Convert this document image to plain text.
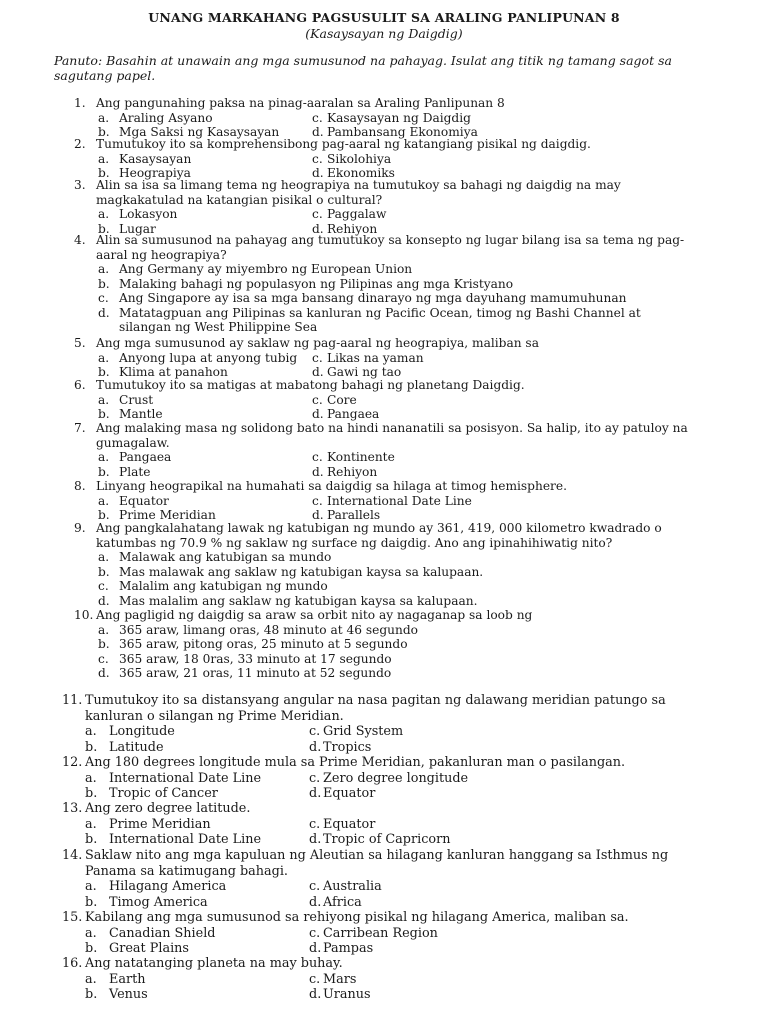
UNANG MARKAHANG PAGSUSULIT SA ARALING PANLIPUNAN 8
(Kasaysayan ng Daigdig)
Panuto: Basahin at unawain ang mga sumusunod na pahayag. Isulat ang titik ng tamang sagot sa sagutang papel.
1. Ang pangunahing paksa na pinag-aaralan sa Araling Panlipunan 8
a. Araling Asyano	c. Kasaysayan ng Daigdig
b. Mga Saksi ng Kasaysayan	d. Pambansang Ekonomiya
2. Tumutukoy ito sa komprehensibong pag-aaral ng katangiang pisikal ng daigdig.
a. Kasaysayan	c. Sikolohiya
b. Heograpiya	d. Ekonomiks
3. Alin sa isa sa limang tema ng heograpiya na tumutukoy sa bahagi ng daigdig na may magkakatulad na katangian pisikal o cultural?
a. Lokasyon	c. Paggalaw
b. Lugar	d. Rehiyon
4. Alin sa sumusunod na pahayag ang tumutukoy sa konsepto ng lugar bilang isa sa tema ng pag-aaral ng heograpiya?
a. Ang Germany ay miyembro ng European Union
b. Malaking bahagi ng populasyon ng Pilipinas ang mga Kristyano
c. Ang Singapore ay isa sa mga bansang dinarayo ng mga dayuhang mamumuhunan
d. Matatagpuan ang Pilipinas sa kanluran ng Pacific Ocean, timog ng Bashi Channel at silangan ng West Philippine Sea
5. Ang mga sumusunod ay saklaw ng pag-aaral ng heograpiya, maliban sa
a. Anyong lupa at anyong tubig c. Likas na yaman
b. Klima at panahon	d. Gawi ng tao
6. Tumutukoy ito sa matigas at mabatong bahagi ng planetang Daigdig.
a. Crust	c. Core
b. Mantle	d. Pangaea
7. Ang malaking masa ng solidong bato na hindi nananatili sa posisyon. Sa halip, ito ay patuloy na gumagalaw.
a. Pangaea	c. Kontinente
b. Plate	d. Rehiyon
8. Linyang heograpikal na humahati sa daigdig sa hilaga at timog hemisphere.
a. Equator	c. International Date Line
b. Prime Meridian	d. Parallels
9. Ang pangkalahatang lawak ng katubigan ng mundo ay 361, 419, 000 kilometro kwadrado o katumbas ng 70.9 % ng saklaw ng surface ng daigdig. Ano ang ipinahihiwatig nito?
a. Malawak ang katubigan sa mundo
b. Mas malawak ang saklaw ng katubigan kaysa sa kalupaan.
c. Malalim ang katubigan ng mundo
d. Mas malalim ang saklaw ng katubigan kaysa sa kalupaan.
10. Ang pagligid ng daigdig sa araw sa orbit nito ay nagaganap sa loob ng
a. 365 araw, limang oras, 48 minuto at 46 segundo
b. 365 araw, pitong oras, 25 minuto at 5 segundo
c. 365 araw, 18 0ras, 33 minuto at 17 segundo
d. 365 araw, 21 oras, 11 minuto at 52 segundo
11. Tumutukoy ito sa distansyang angular na nasa pagitan ng dalawang meridian patungo sa kanluran o silangan ng Prime Meridian.
a. Longitude	c. Grid System
b. Latitude	d. Tropics
12. Ang 180 degrees longitude mula sa Prime Meridian, pakanluran man o pasilangan.
a. International Date Line	c. Zero degree longitude
b. Tropic of Cancer	d. Equator
13. Ang zero degree latitude.
a. Prime Meridian	c. Equator
b. International Date Line	d. Tropic of Capricorn
14. Saklaw nito ang mga kapuluan ng Aleutian sa hilagang kanluran hanggang sa Isthmus ng Panama sa katimugang bahagi.
a. Hilagang America	c. Australia
b. Timog America	d. Africa
15. Kabilang ang mga sumusunod sa rehiyong pisikal ng hilagang America, maliban sa.
a. Canadian Shield	c. Carribean Region
b. Great Plains	d. Pampas
16. Ang natatanging planeta na may buhay.
a. Earth	c. Mars
b. Venus	d. Uranus
